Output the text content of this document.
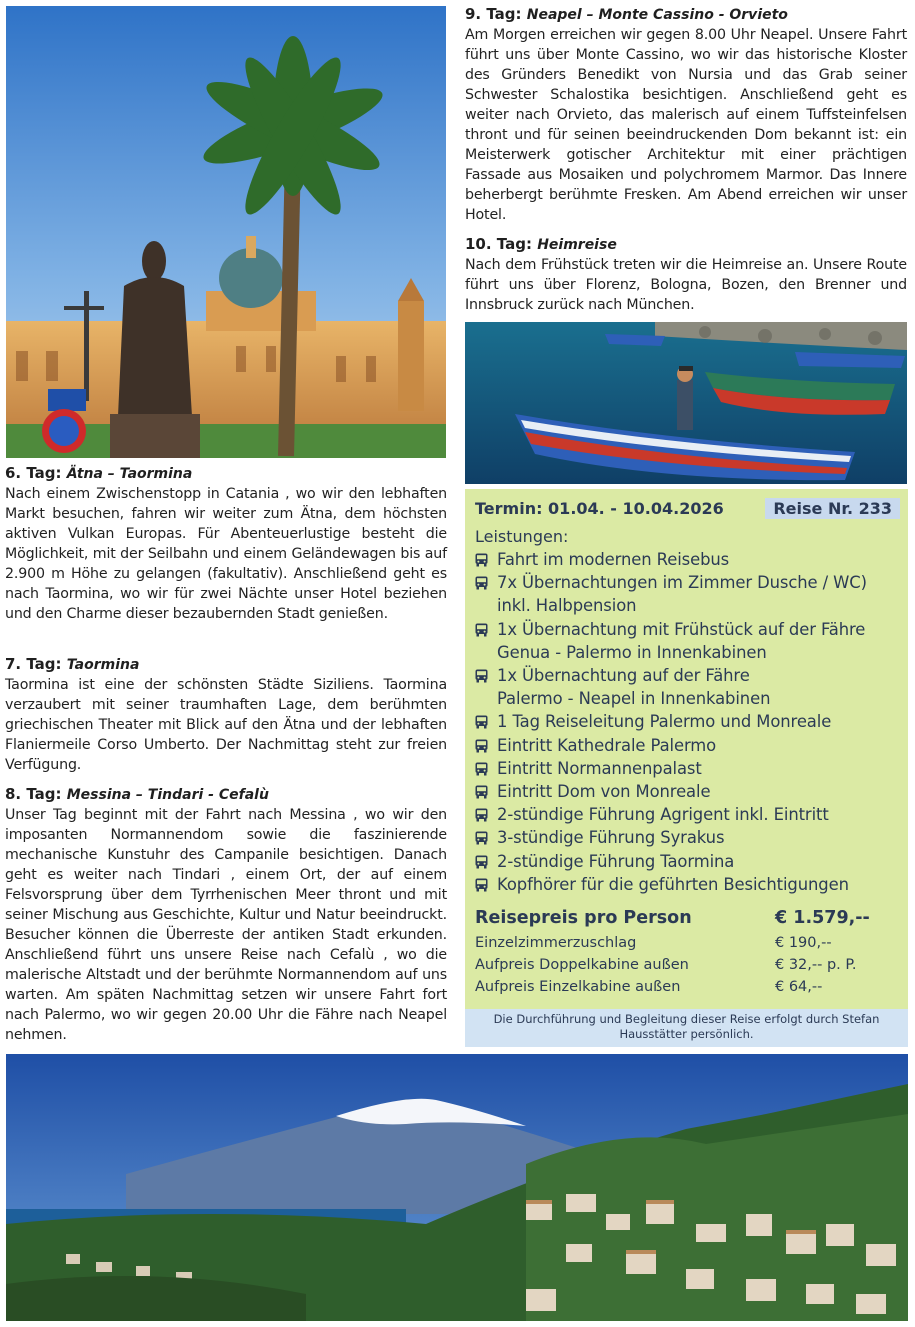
6. Tag: Ätna – Taormina
Nach einem Zwischenstopp in Catania , wo wir den lebhaften Markt besuchen, fahren wir weiter zum Ätna, dem höchsten aktiven Vulkan Europas. Für Abenteuerlustige besteht die Möglichkeit, mit der Seilbahn und einem Geländewagen bis auf 2.900 m Höhe zu gelangen (fakultativ). Anschließend geht es nach Taormina, wo wir für zwei Nächte unser Hotel beziehen und den Charme dieser bezaubernden Stadt genießen.
7. Tag: Taormina
Taormina ist eine der schönsten Städte Siziliens. Taormina verzaubert mit seiner traumhaften Lage, dem berühmten griechischen Theater mit Blick auf den Ätna und der lebhaften Flaniermeile Corso Umberto. Der Nachmittag steht zur freien Verfügung.
8. Tag: Messina – Tindari - Cefalù
Unser Tag beginnt mit der Fahrt nach Messina , wo wir den imposanten Normannendom sowie die faszinierende mechanische Kunstuhr des Campanile besichtigen. Danach geht es weiter nach Tindari , einem Ort, der auf einem Felsvorsprung über dem Tyrrhenischen Meer thront und mit seiner Mischung aus Geschichte, Kultur und Natur beeindruckt. Besucher können die Überreste der antiken Stadt erkunden. Anschließend führt uns unsere Reise nach Cefalù , wo die malerische Altstadt und der berühmte Normannendom auf uns warten. Am späten Nachmittag setzen wir unsere Fahrt fort nach Palermo, wo wir gegen 20.00 Uhr die Fähre nach Neapel nehmen.
9. Tag: Neapel – Monte Cassino - Orvieto
Am Morgen erreichen wir gegen 8.00 Uhr Neapel. Unsere Fahrt führt uns über Monte Cassino, wo wir das historische Kloster des Gründers Benedikt von Nursia und das Grab seiner Schwester Schalostika besichtigen. Anschließend geht es weiter nach Orvieto, das malerisch auf einem Tuffsteinfelsen thront und für seinen beeindruckenden Dom bekannt ist: ein Meisterwerk gotischer Architektur mit einer prächtigen Fassade aus Mosaiken und polychromem Marmor. Das Innere beherbergt berühmte Fresken. Am Abend erreichen wir unser Hotel.
10. Tag: Heimreise
Nach dem Frühstück treten wir die Heimreise an. Unsere Route führt uns über Florenz, Bologna, Bozen, den Brenner und Innsbruck zurück nach München.
Termin: 01.04. - 10.04.2026	Reise Nr. 233
Leistungen:
Fahrt im modernen Reisebus
7x Übernachtungen im Zimmer Dusche / WC)
inkl. Halbpension
1x Übernachtung mit Frühstück auf der Fähre
Genua - Palermo in Innenkabinen
1x Übernachtung auf der Fähre
Palermo - Neapel in Innenkabinen
1 Tag Reiseleitung Palermo und Monreale
Eintritt Kathedrale Palermo
Eintritt Normannenpalast
Eintritt Dom von Monreale
2-stündige Führung Agrigent inkl. Eintritt
3-stündige Führung Syrakus
2-stündige Führung Taormina
Kopfhörer für die geführten Besichtigungen
Reisepreis pro Person	€ 1.579,--
Einzelzimmerzuschlag	€ 190,--
Aufpreis Doppelkabine außen	€ 32,-- p. P.
Aufpreis Einzelkabine außen	€ 64,--
Die Durchführung und Begleitung dieser Reise erfolgt durch Stefan Hausstätter persönlich.
